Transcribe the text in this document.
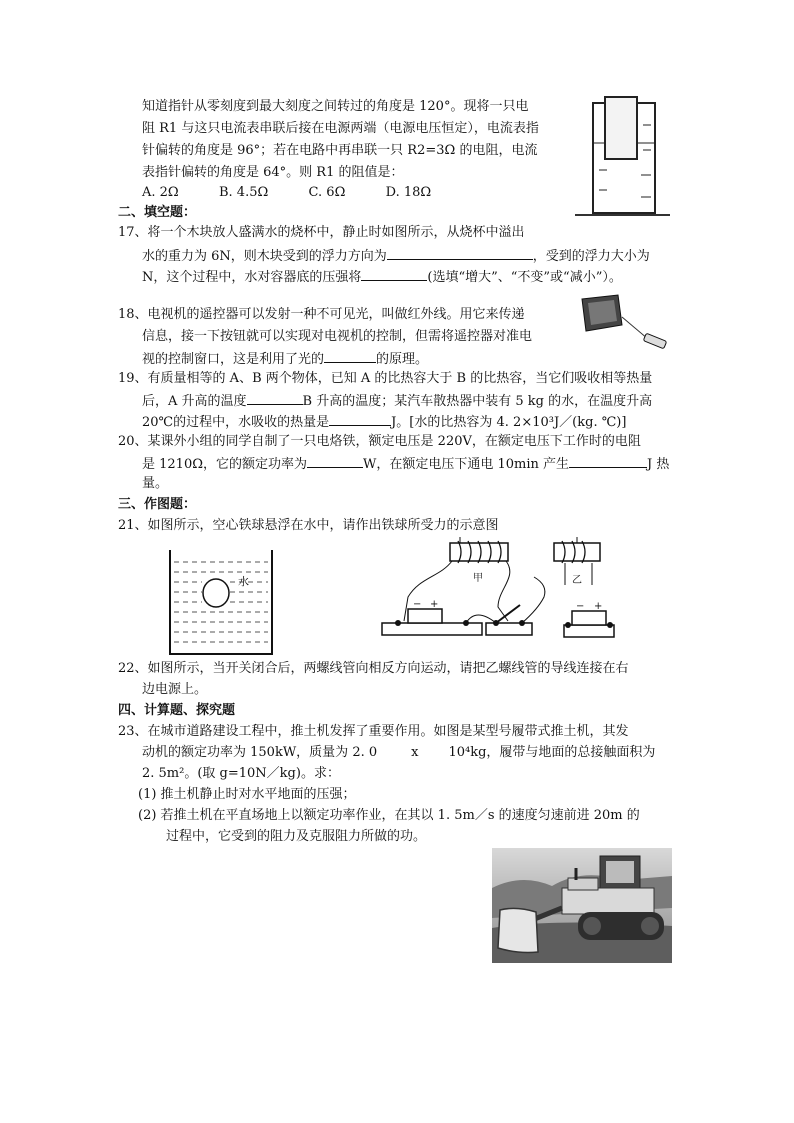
知道指针从零刻度到最大刻度之间转过的角度是 120°。现将一只电
阻 R1 与这只电流表串联后接在电源两端（电源电压恒定），电流表指
针偏转的角度是 96°；若在电路中再串联一只 R2=3Ω 的电阻，电流
表指针偏转的角度是 64°。则 R1 的阻值是：
A. 2Ω	B. 4.5Ω	C. 6Ω	D. 18Ω
二、填空题：
17、将一个木块放人盛满水的烧杯中，静止时如图所示，从烧杯中溢出
水的重力为 6N，则木块受到的浮力方向为	，受到的浮力大小为
N，这个过程中，水对容器底的压强将	(选填“增大”、“不变”或“减小”）。
18、电视机的遥控器可以发射一种不可见光，叫做红外线。用它来传递
信息，接一下按钮就可以实现对电视机的控制，但需将遥控器对准电
视的控制窗口，这是利用了光的	的原理。
19、有质量相等的 A、B 两个物体，已知 A 的比热容大于 B 的比热容，当它们吸收相等热量
后，A 升高的温度	B 升高的温度；某汽车散热器中装有 5 kg 的水，在温度升高
20℃的过程中，水吸收的热量是	J。[水的比热容为 4. 2×10³J／(kg. ℃)]
20、某课外小组的同学自制了一只电烙铁，额定电压是 220V，在额定电压下工作时的电阻
是 1210Ω，它的额定功率为	W，在额定电压下通电 10min 产生	J 热
量。
三、作图题：
21、如图所示，空心铁球悬浮在水中，请作出铁球所受力的示意图
水	甲	乙
− +	− +
22、如图所示，当开关闭合后，两螺线管向相反方向运动，请把乙螺线管的导线连接在右
边电源上。
四、计算题、探究题
23、在城市道路建设工程中，推土机发挥了重要作用。如图是某型号履带式推土机，其发
动机的额定功率为 150kW，质量为 2. 0	x 10⁴kg，履带与地面的总接触面积为
2. 5m²。(取 g=10N／kg)。求：
(1) 推土机静止时对水平地面的压强；
(2) 若推土机在平直场地上以额定功率作业，在其以 1. 5m／s 的速度匀速前进 20m 的
过程中，它受到的阻力及克服阻力所做的功。
